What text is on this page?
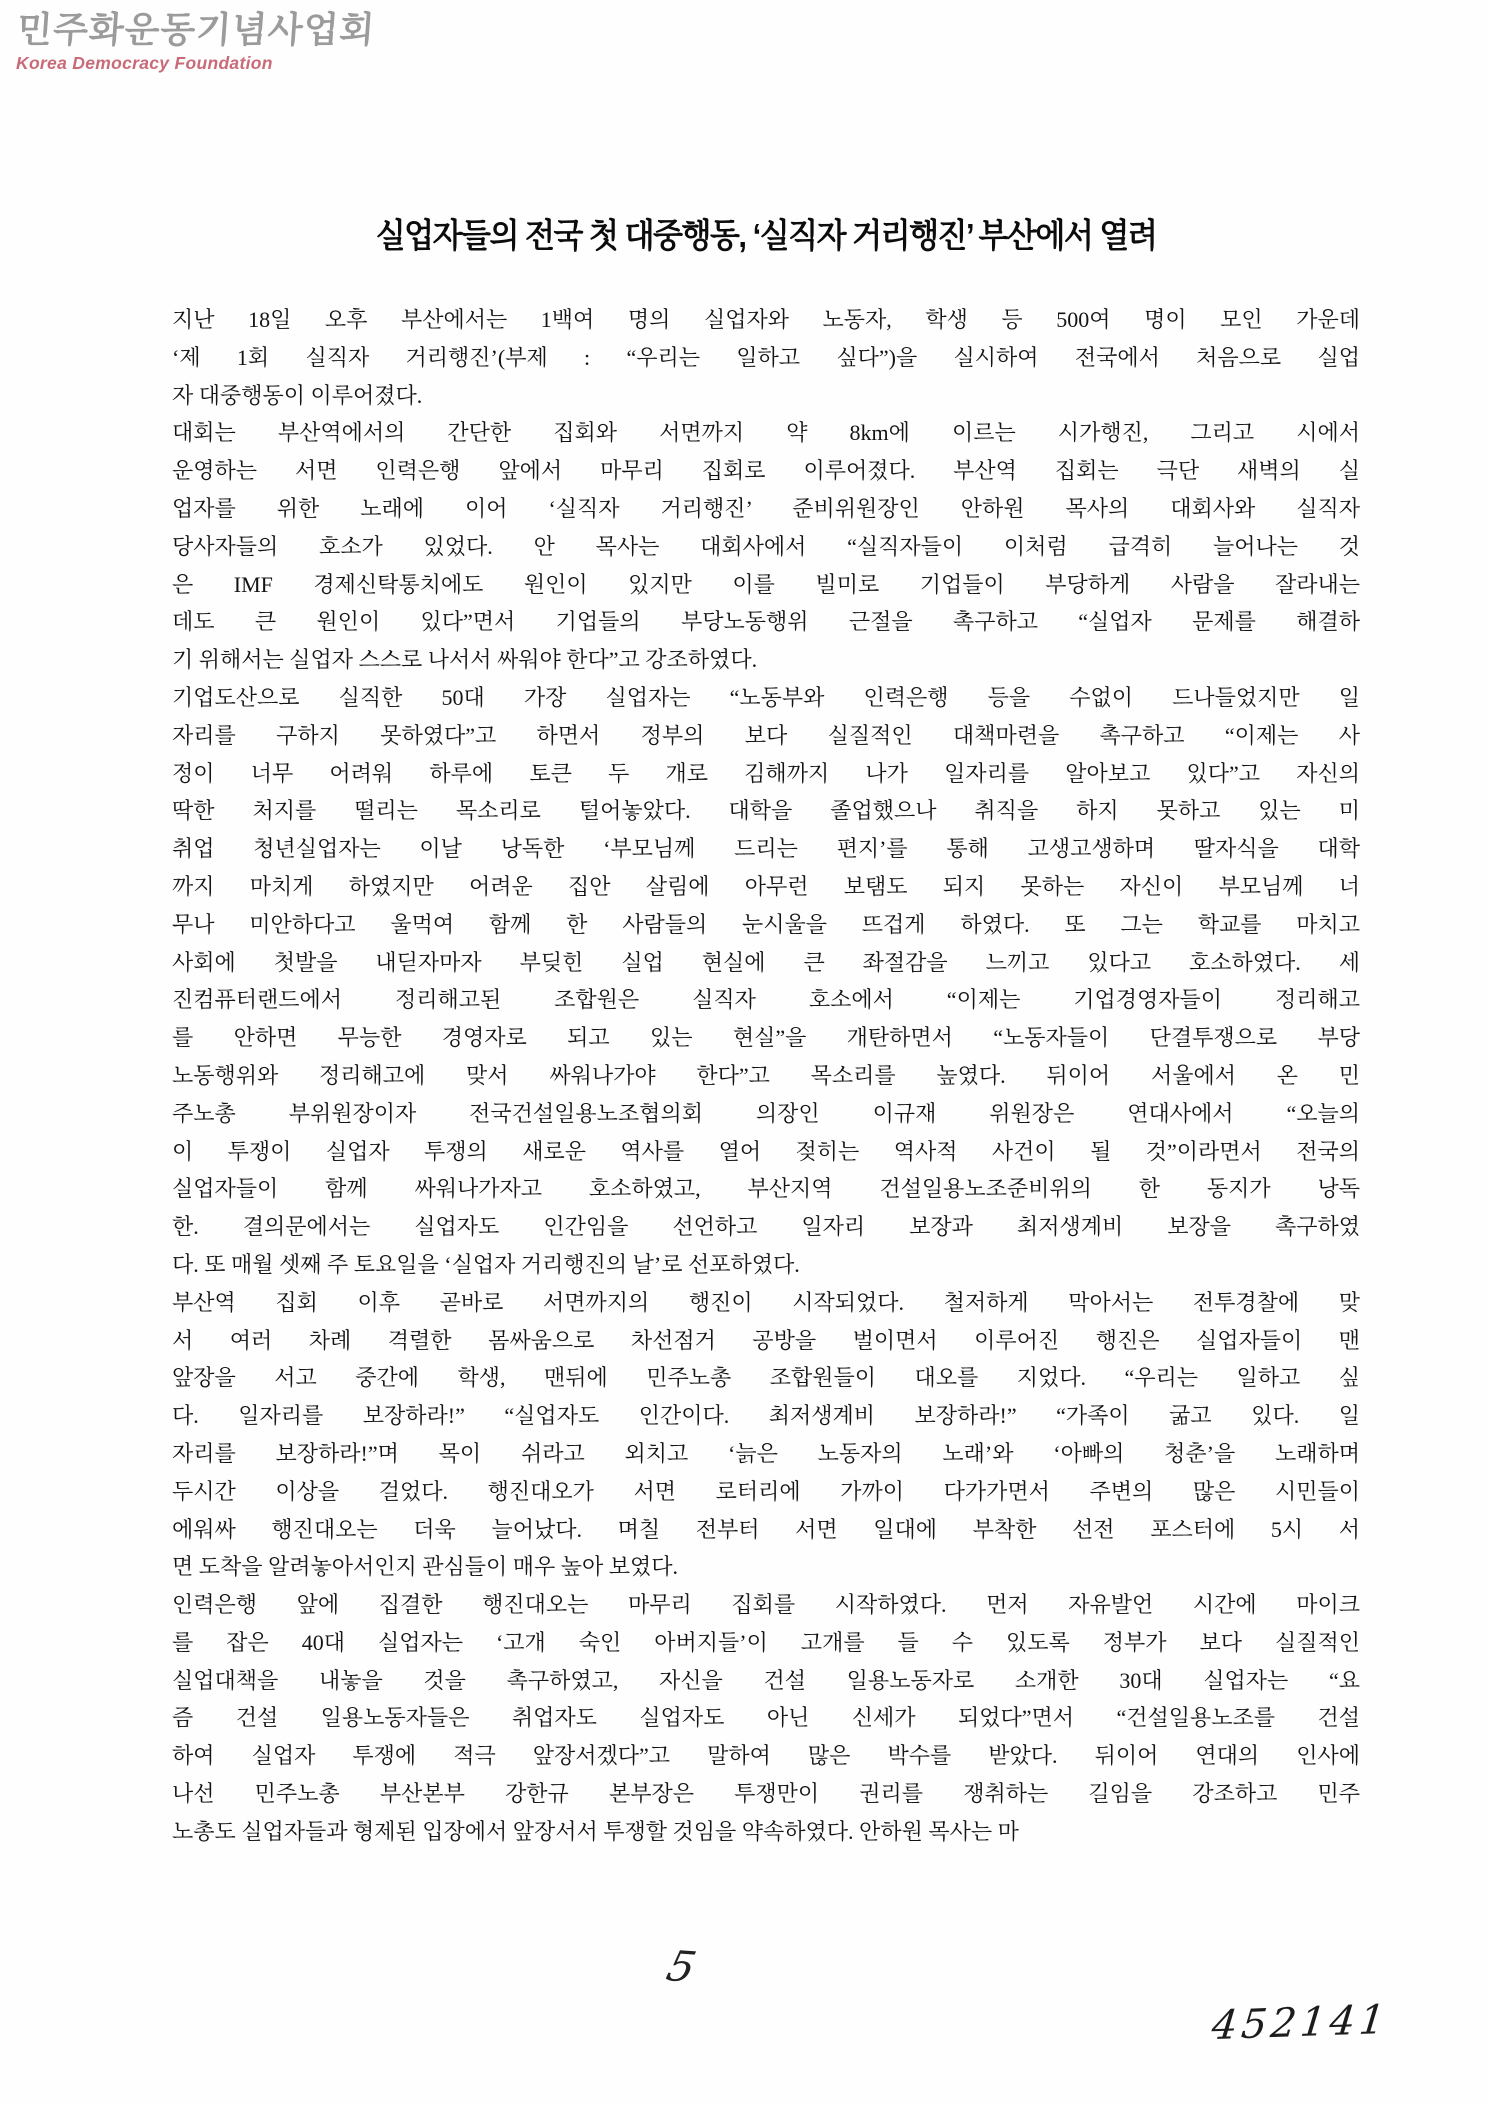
민주화운동기념사업회
Korea Democracy Foundation
실업자들의 전국 첫 대중행동, ‘실직자 거리행진’ 부산에서 열려
지난 18일 오후 부산에서는 1백여 명의 실업자와 노동자, 학생 등 500여 명이 모인 가운데
‘제 1회 실직자 거리행진’(부제 : “우리는 일하고 싶다”)을 실시하여 전국에서 처음으로 실업
자 대중행동이 이루어졌다.
대회는 부산역에서의 간단한 집회와 서면까지 약 8km에 이르는 시가행진, 그리고 시에서
운영하는 서면 인력은행 앞에서 마무리 집회로 이루어졌다. 부산역 집회는 극단 새벽의 실
업자를 위한 노래에 이어 ‘실직자 거리행진’ 준비위원장인 안하원 목사의 대회사와 실직자
당사자들의 호소가 있었다. 안 목사는 대회사에서 “실직자들이 이처럼 급격히 늘어나는 것
은 IMF 경제신탁통치에도 원인이 있지만 이를 빌미로 기업들이 부당하게 사람을 잘라내는
데도 큰 원인이 있다”면서 기업들의 부당노동행위 근절을 촉구하고 “실업자 문제를 해결하
기 위해서는 실업자 스스로 나서서 싸워야 한다”고 강조하였다.
기업도산으로 실직한 50대 가장 실업자는 “노동부와 인력은행 등을 수없이 드나들었지만 일
자리를 구하지 못하였다”고 하면서 정부의 보다 실질적인 대책마련을 촉구하고 “이제는 사
정이 너무 어려워 하루에 토큰 두 개로 김해까지 나가 일자리를 알아보고 있다”고 자신의
딱한 처지를 떨리는 목소리로 털어놓았다. 대학을 졸업했으나 취직을 하지 못하고 있는 미
취업 청년실업자는 이날 낭독한 ‘부모님께 드리는 편지’를 통해 고생고생하며 딸자식을 대학
까지 마치게 하였지만 어려운 집안 살림에 아무런 보탬도 되지 못하는 자신이 부모님께 너
무나 미안하다고 울먹여 함께 한 사람들의 눈시울을 뜨겁게 하였다. 또 그는 학교를 마치고
사회에 첫발을 내딛자마자 부딪힌 실업 현실에 큰 좌절감을 느끼고 있다고 호소하였다. 세
진컴퓨터랜드에서 정리해고된 조합원은 실직자 호소에서 “이제는 기업경영자들이 정리해고
를 안하면 무능한 경영자로 되고 있는 현실”을 개탄하면서 “노동자들이 단결투쟁으로 부당
노동행위와 정리해고에 맞서 싸워나가야 한다”고 목소리를 높였다. 뒤이어 서울에서 온 민
주노총 부위원장이자 전국건설일용노조협의회 의장인 이규재 위원장은 연대사에서 “오늘의
이 투쟁이 실업자 투쟁의 새로운 역사를 열어 젖히는 역사적 사건이 될 것”이라면서 전국의
실업자들이 함께 싸워나가자고 호소하였고, 부산지역 건설일용노조준비위의 한 동지가 낭독
한. 결의문에서는 실업자도 인간임을 선언하고 일자리 보장과 최저생계비 보장을 촉구하였
다. 또 매월 셋째 주 토요일을 ‘실업자 거리행진의 날’로 선포하였다.
부산역 집회 이후 곧바로 서면까지의 행진이 시작되었다. 철저하게 막아서는 전투경찰에 맞
서 여러 차례 격렬한 몸싸움으로 차선점거 공방을 벌이면서 이루어진 행진은 실업자들이 맨
앞장을 서고 중간에 학생, 맨뒤에 민주노총 조합원들이 대오를 지었다. “우리는 일하고 싶
다. 일자리를 보장하라!” “실업자도 인간이다. 최저생계비 보장하라!” “가족이 굶고 있다. 일
자리를 보장하라!”며 목이 쉬라고 외치고 ‘늙은 노동자의 노래’와 ‘아빠의 청춘’을 노래하며
두시간 이상을 걸었다. 행진대오가 서면 로터리에 가까이 다가가면서 주변의 많은 시민들이
에워싸 행진대오는 더욱 늘어났다. 며칠 전부터 서면 일대에 부착한 선전 포스터에 5시 서
면 도착을 알려놓아서인지 관심들이 매우 높아 보였다.
인력은행 앞에 집결한 행진대오는 마무리 집회를 시작하였다. 먼저 자유발언 시간에 마이크
를 잡은 40대 실업자는 ‘고개 숙인 아버지들’이 고개를 들 수 있도록 정부가 보다 실질적인
실업대책을 내놓을 것을 촉구하였고, 자신을 건설 일용노동자로 소개한 30대 실업자는 “요
즘 건설 일용노동자들은 취업자도 실업자도 아닌 신세가 되었다”면서 “건설일용노조를 건설
하여 실업자 투쟁에 적극 앞장서겠다”고 말하여 많은 박수를 받았다. 뒤이어 연대의 인사에
나선 민주노총 부산본부 강한규 본부장은 투쟁만이 권리를 쟁취하는 길임을 강조하고 민주
노총도 실업자들과 형제된 입장에서 앞장서서 투쟁할 것임을 약속하였다. 안하원 목사는 마
5
452141
